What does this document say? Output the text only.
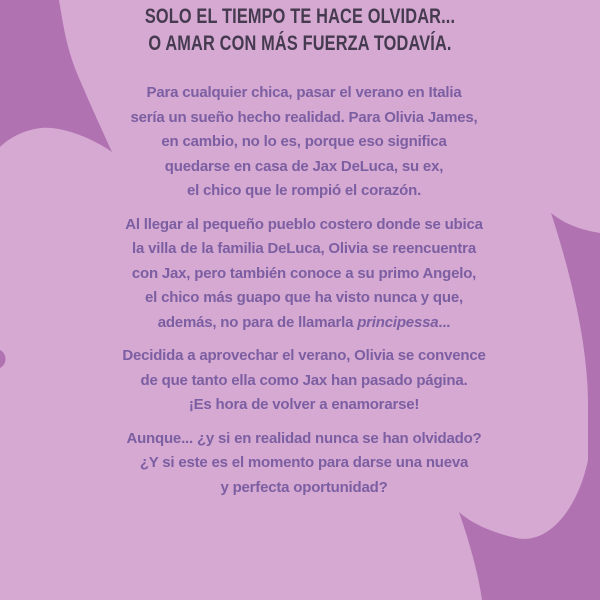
SOLO EL TIEMPO TE HACE OLVIDAR...
O AMAR CON MÁS FUERZA TODAVÍA.

Para cualquier chica, pasar el verano en Italia
sería un sueño hecho realidad. Para Olivia James,
en cambio, no lo es, porque eso significa
quedarse en casa de Jax DeLuca, su ex,
el chico que le rompió el corazón.

Al llegar al pequeño pueblo costero donde se ubica
la villa de la familia DeLuca, Olivia se reencuentra
con Jax, pero también conoce a su primo Angelo,
el chico más guapo que ha visto nunca y que,
además, no para de llamarla principessa...

Decidida a aprovechar el verano, Olivia se convence
de que tanto ella como Jax han pasado página.
¡Es hora de volver a enamorarse!

Aunque... ¿y si en realidad nunca se han olvidado?
¿Y si este es el momento para darse una nueva
y perfecta oportunidad?
